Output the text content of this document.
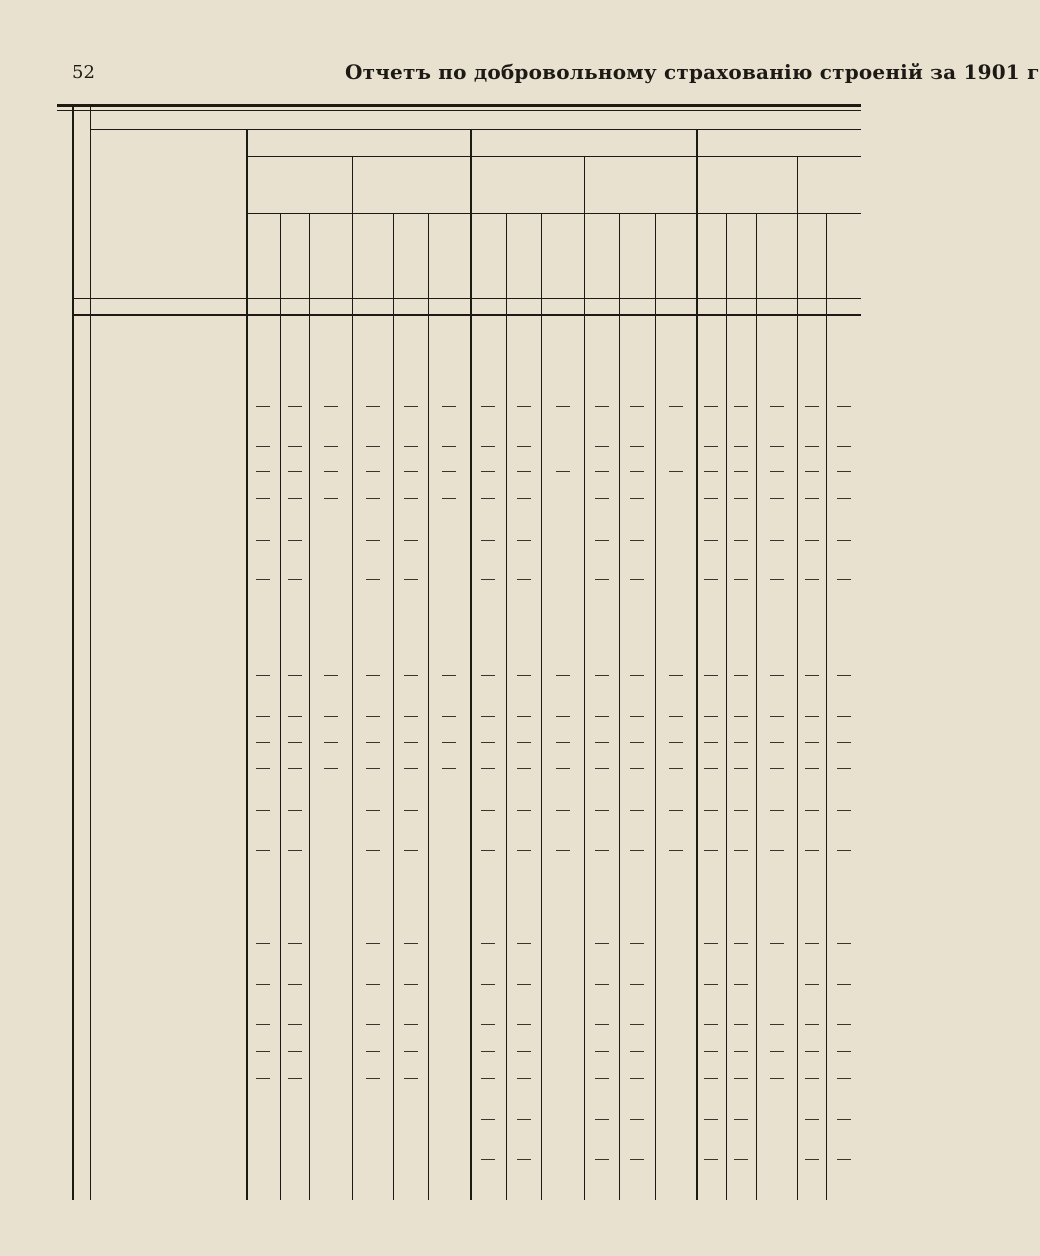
52	Отчетъ по добровольному страхованію строеній за 1901 г
